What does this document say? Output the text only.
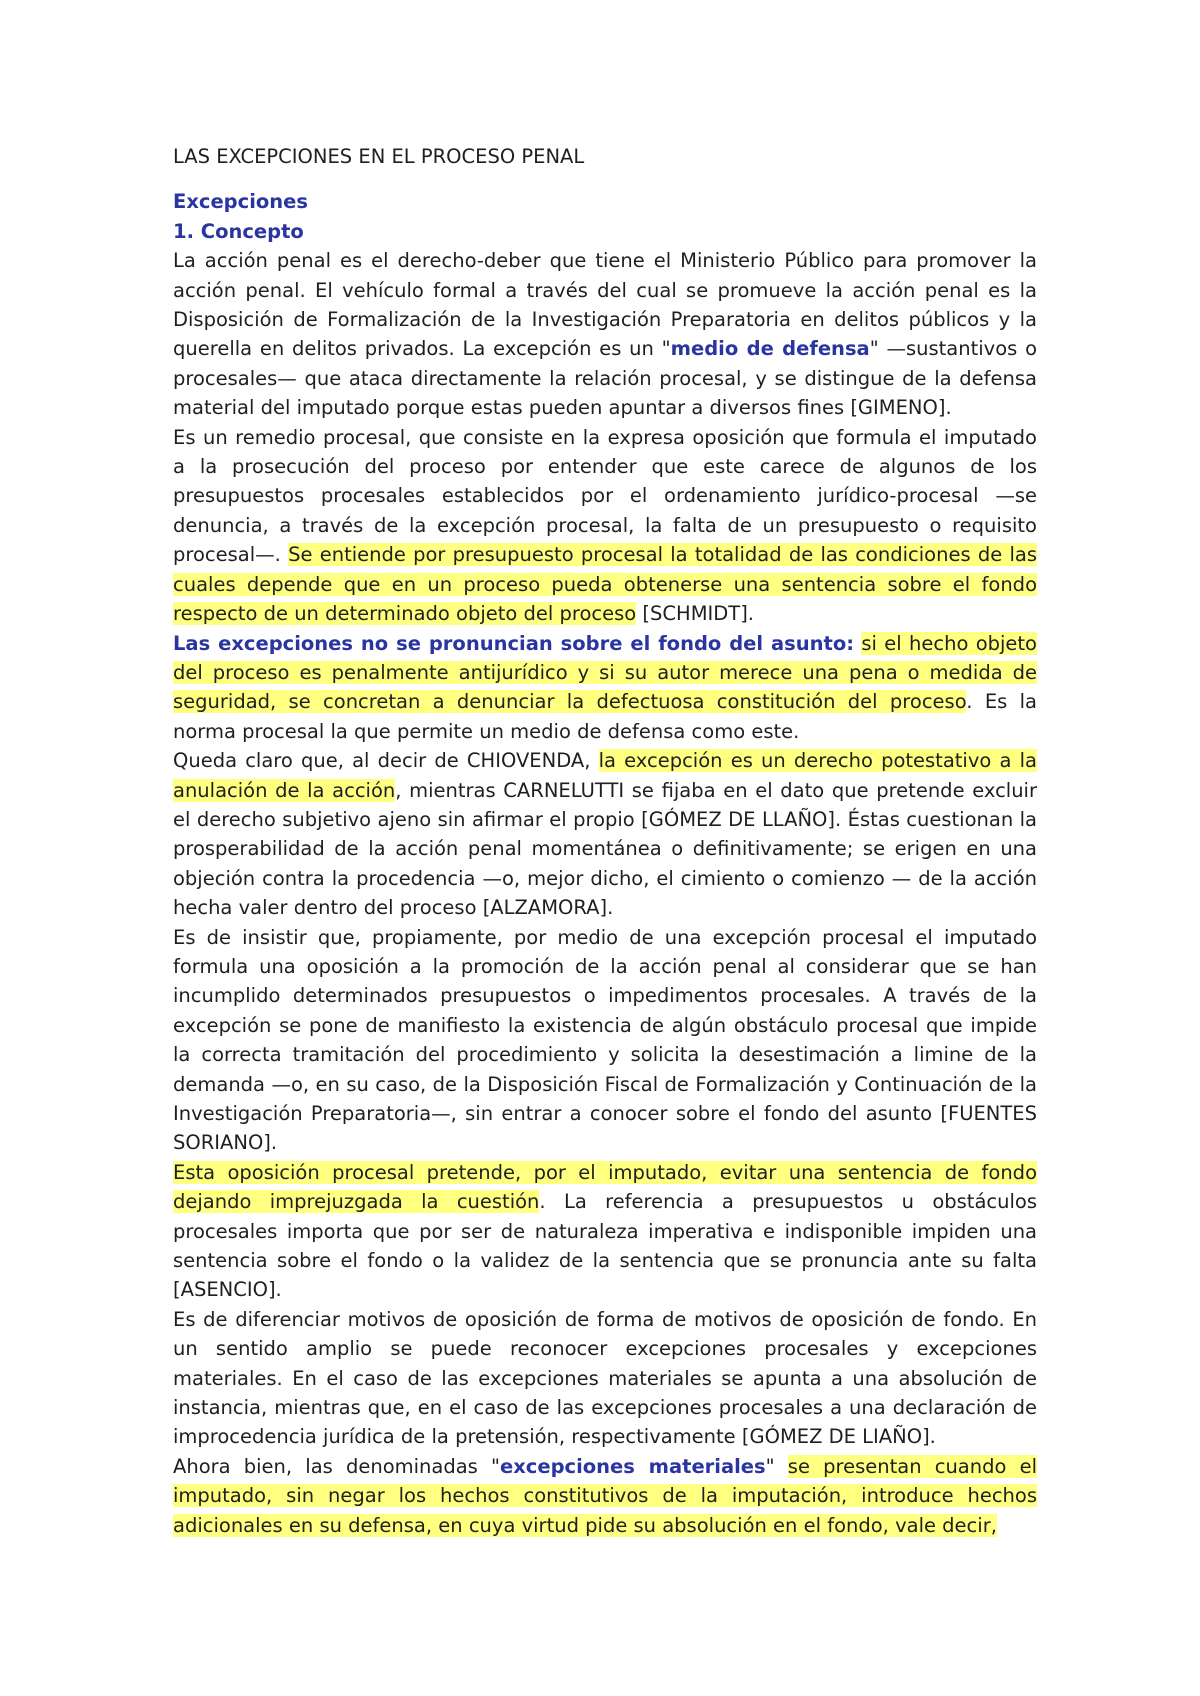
LAS EXCEPCIONES EN EL PROCESO PENAL
Excepciones
1. Concepto

La acción penal es el derecho-deber que tiene el Ministerio Público para promover la acción penal. El vehículo formal a través del cual se promueve la acción penal es la Disposición de Formalización de la Investigación Preparatoria en delitos públicos y la querella en delitos privados. La excepción es un "medio de defensa" —sustantivos o procesales— que ataca directamente la relación procesal, y se distingue de la defensa material del imputado porque estas pueden apuntar a diversos fines [GIMENO].

Es un remedio procesal, que consiste en la expresa oposición que formula el imputado a la prosecución del proceso por entender que este carece de algunos de los presupuestos procesales establecidos por el ordenamiento jurídico-procesal —se denuncia, a través de la excepción procesal, la falta de un presupuesto o requisito procesal—. Se entiende por presupuesto procesal la totalidad de las condiciones de las cuales depende que en un proceso pueda obtenerse una sentencia sobre el fondo respecto de un determinado objeto del proceso [SCHMIDT].

Las excepciones no se pronuncian sobre el fondo del asunto: si el hecho objeto del proceso es penalmente antijurídico y si su autor merece una pena o medida de seguridad, se concretan a denunciar la defectuosa constitución del proceso. Es la norma procesal la que permite un medio de defensa como este.

Queda claro que, al decir de CHIOVENDA, la excepción es un derecho potestativo a la anulación de la acción, mientras CARNELUTTI se fijaba en el dato que pretende excluir el derecho subjetivo ajeno sin afirmar el propio [GÓMEZ DE LLAÑO]. Éstas cuestionan la prosperabilidad de la acción penal momentánea o definitivamente; se erigen en una objeción contra la procedencia —o, mejor dicho, el cimiento o comienzo — de la acción hecha valer dentro del proceso [ALZAMORA].

Es de insistir que, propiamente, por medio de una excepción procesal el imputado formula una oposición a la promoción de la acción penal al considerar que se han incumplido determinados presupuestos o impedimentos procesales. A través de la excepción se pone de manifiesto la existencia de algún obstáculo procesal que impide la correcta tramitación del procedimiento y solicita la desestimación a limine de la demanda —o, en su caso, de la Disposición Fiscal de Formalización y Continuación de la Investigación Preparatoria—, sin entrar a conocer sobre el fondo del asunto [FUENTES SORIANO].

Esta oposición procesal pretende, por el imputado, evitar una sentencia de fondo dejando imprejuzgada la cuestión. La referencia a presupuestos u obstáculos procesales importa que por ser de naturaleza imperativa e indisponible impiden una sentencia sobre el fondo o la validez de la sentencia que se pronuncia ante su falta [ASENCIO].

Es de diferenciar motivos de oposición de forma de motivos de oposición de fondo. En un sentido amplio se puede reconocer excepciones procesales y excepciones materiales. En el caso de las excepciones materiales se apunta a una absolución de instancia, mientras que, en el caso de las excepciones procesales a una declaración de improcedencia jurídica de la pretensión, respectivamente [GÓMEZ DE LIAÑO].

Ahora bien, las denominadas "excepciones materiales" se presentan cuando el imputado, sin negar los hechos constitutivos de la imputación, introduce hechos adicionales en su defensa, en cuya virtud pide su absolución en el fondo, vale decir,
